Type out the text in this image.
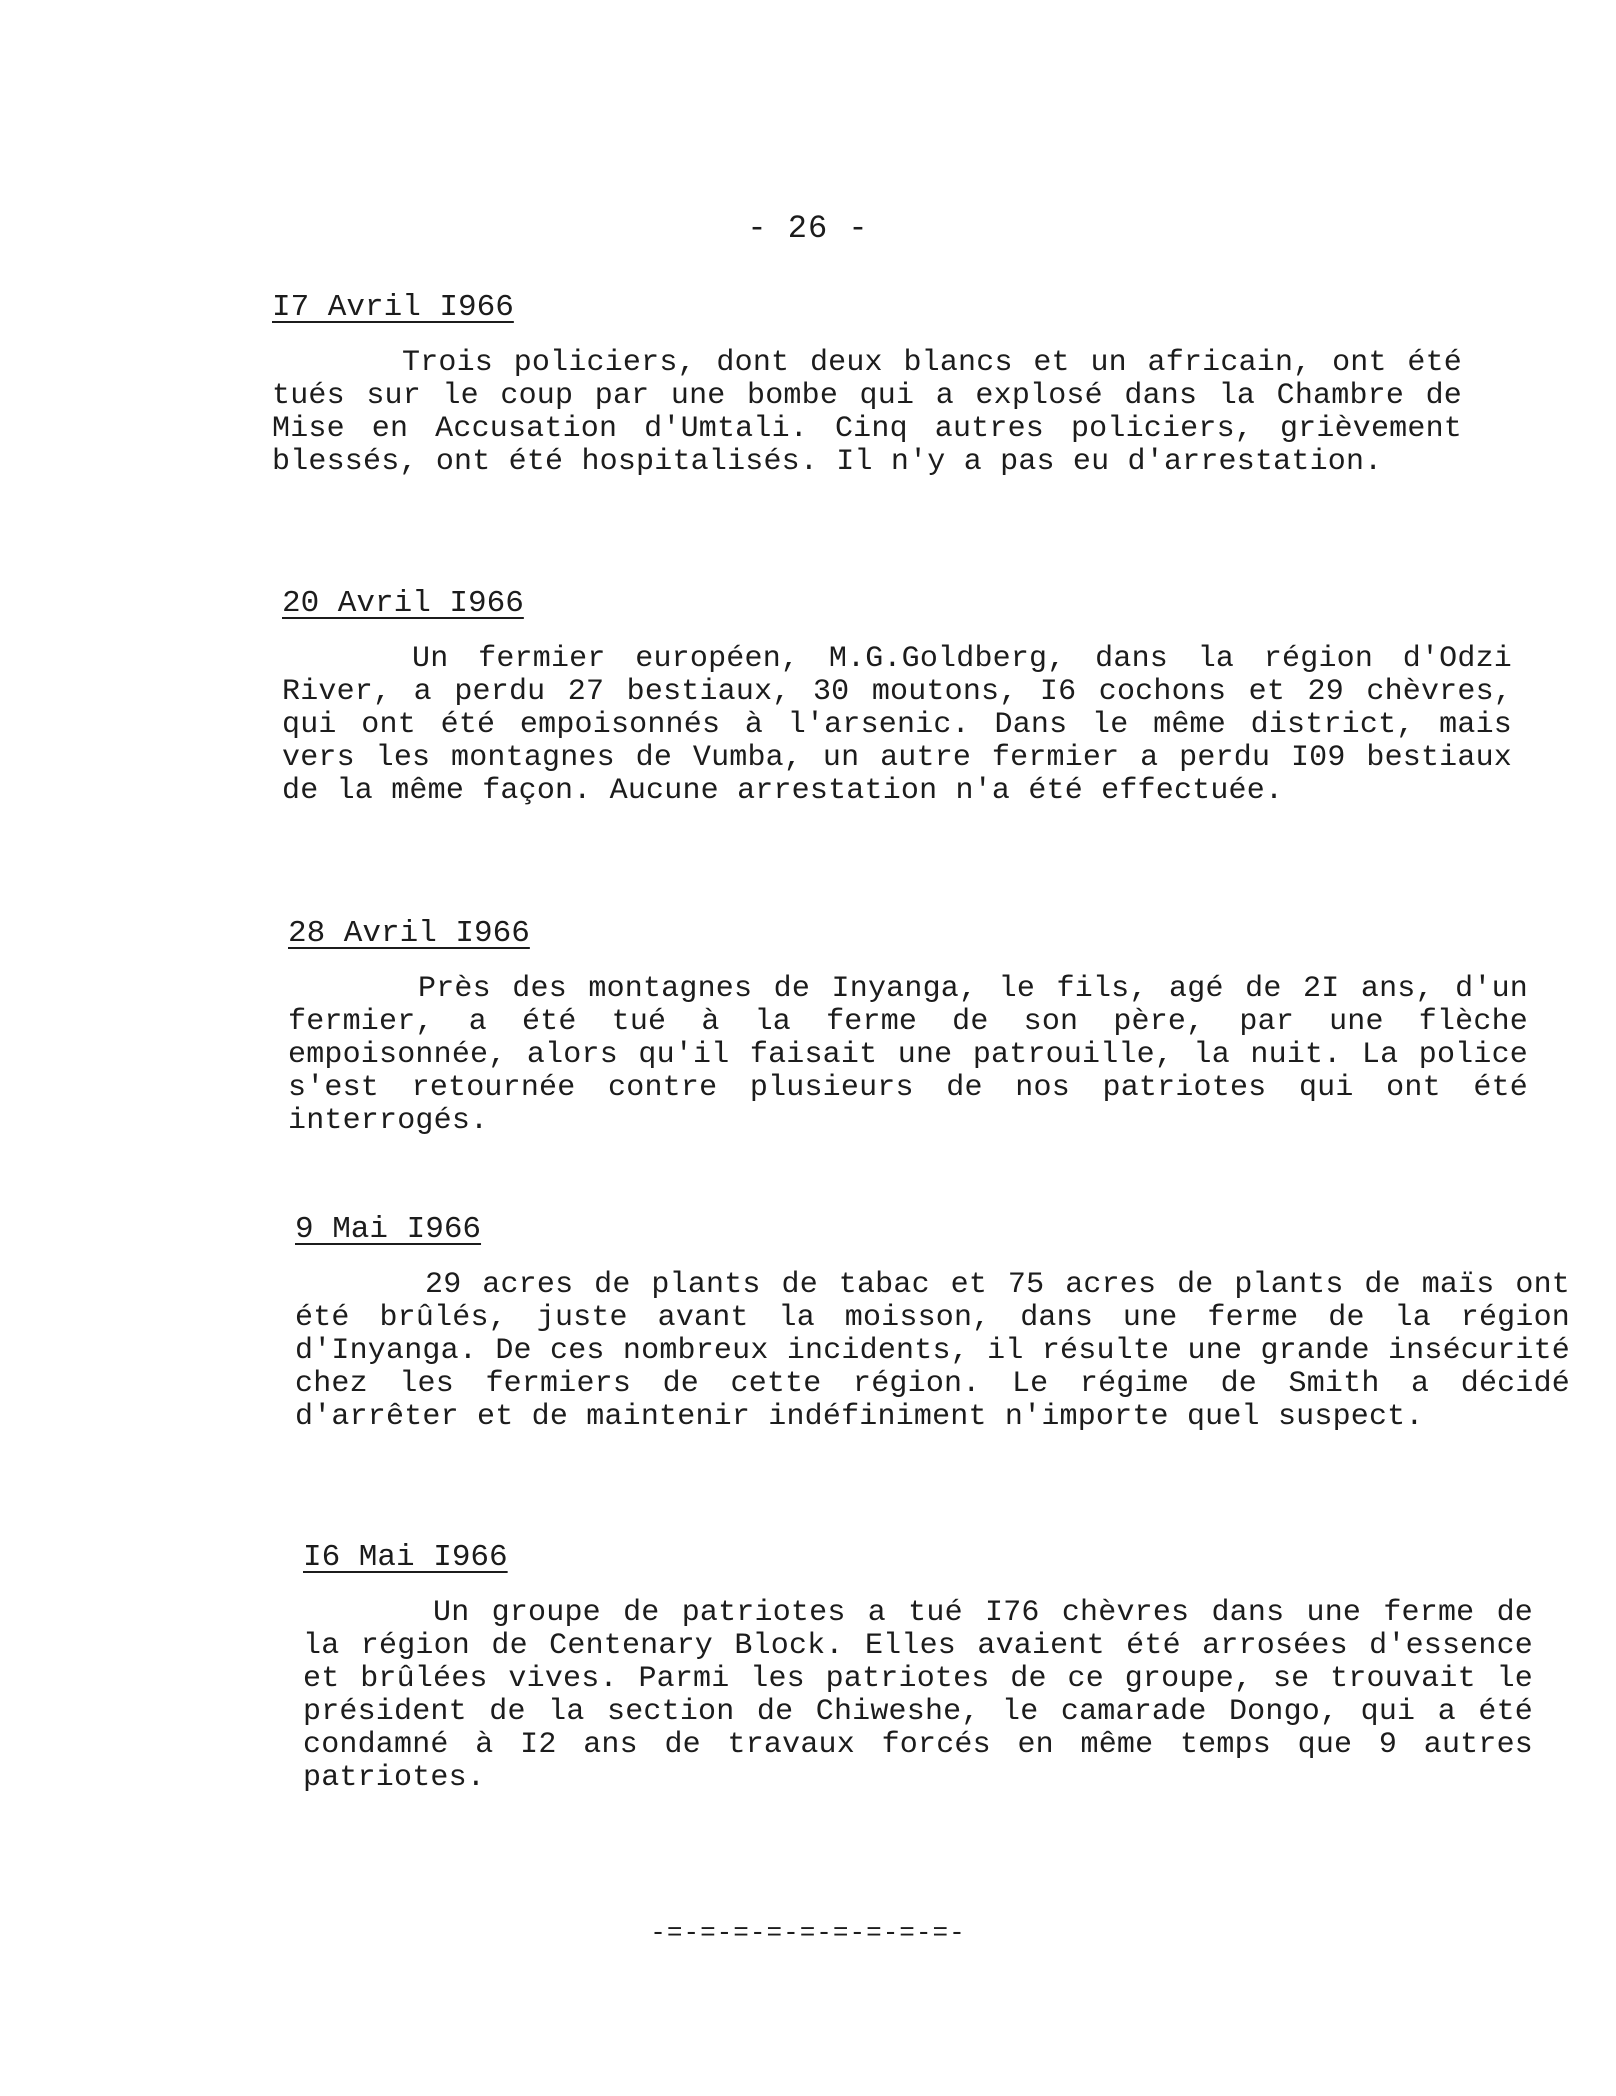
- 26 -
I7 Avril I966

Trois policiers, dont deux blancs et un africain, ont été tués sur le coup par une bombe qui a explosé dans la Chambre de Mise en Accusation d'Umtali. Cinq autres policiers, grièvement blessés, ont été hospitalisés. Il n'y a pas eu d'arrestation.

20 Avril I966

Un fermier européen, M.G.Goldberg, dans la région d'Odzi River, a perdu 27 bestiaux, 30 moutons, I6 cochons et 29 chèvres, qui ont été empoisonnés à l'arsenic. Dans le même district, mais vers les montagnes de Vumba, un autre fermier a perdu I09 bestiaux de la même façon. Aucune arrestation n'a été effectuée.

28 Avril I966

Près des montagnes de Inyanga, le fils, agé de 2I ans, d'un fermier, a été tué à la ferme de son père, par une flèche empoisonnée, alors qu'il faisait une patrouille, la nuit. La police s'est retournée contre plusieurs de nos patriotes qui ont été interrogés.

9 Mai I966

29 acres de plants de tabac et 75 acres de plants de maïs ont été brûlés, juste avant la moisson, dans une ferme de la région d'Inyanga. De ces nombreux incidents, il résulte une grande insécurité chez les fermiers de cette région. Le régime de Smith a décidé d'arrêter et de maintenir indéfiniment n'importe quel suspect.

I6 Mai I966

Un groupe de patriotes a tué I76 chèvres dans une ferme de la région de Centenary Block. Elles avaient été arrosées d'essence et brûlées vives. Parmi les patriotes de ce groupe, se trouvait le président de la section de Chiweshe, le camarade Dongo, qui a été condamné à I2 ans de travaux forcés en même temps que 9 autres patriotes.

-=-=-=-=-=-=-=-=-=-
